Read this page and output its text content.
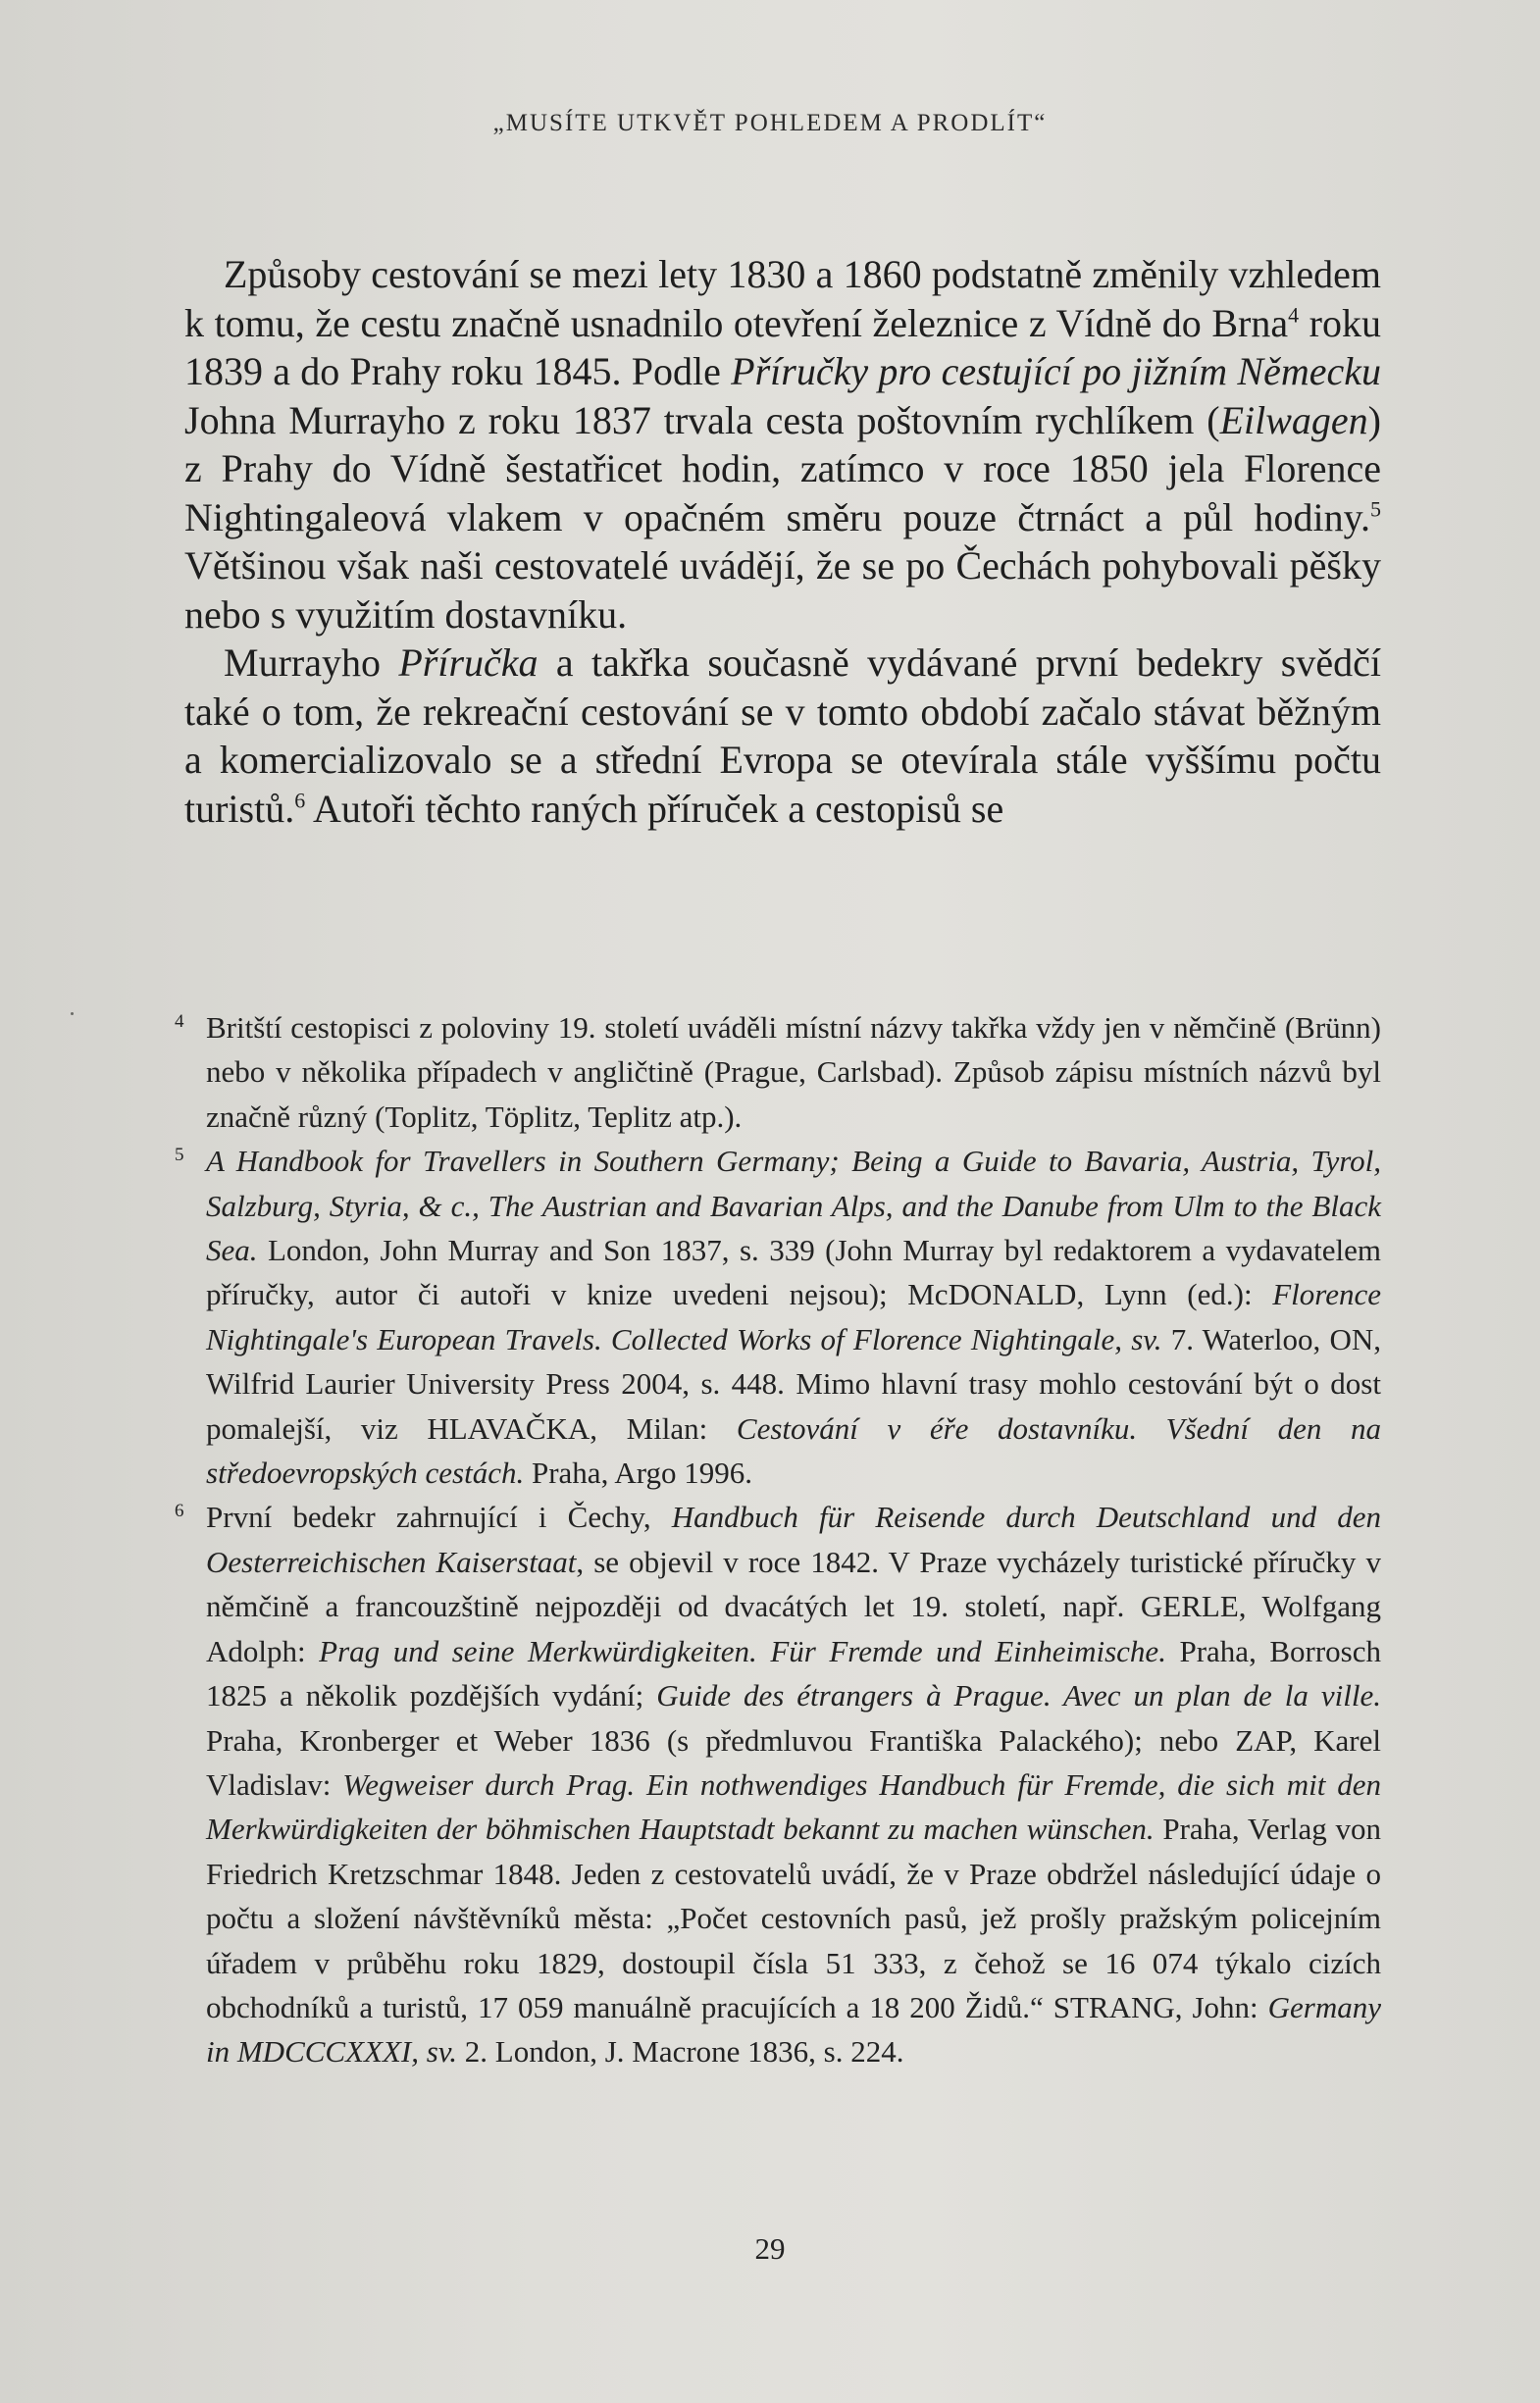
„MUSÍTE UTKVĚT POHLEDEM A PRODLÍT“

Způsoby cestování se mezi lety 1830 a 1860 podstatně změnily vzhledem k tomu, že cestu značně usnadnilo otevření železnice z Vídně do Brna$^4$ roku 1839 a do Prahy roku 1845. Podle Příručky pro cestující po jižním Německu Johna Murrayho z roku 1837 trvala cesta poštovním rychlíkem (Eilwagen) z Prahy do Vídně šestatřicet hodin, zatímco v roce 1850 jela Florence Nightingaleová vlakem v opačném směru pouze čtrnáct a půl hodiny.$^5$ Většinou však naši cestovatelé uvádějí, že se po Čechách pohybovali pěšky nebo s využitím dostavníku.

Murrayho Příručka a takřka současně vydávané první bedekry svědčí také o tom, že rekreační cestování se v tomto období začalo stávat běžným a komercializovalo se a střední Evropa se otevírala stále vyššímu počtu turistů.$^6$ Autoři těchto raných příruček a cestopisů se

4 Britští cestopisci z poloviny 19. století uváděli místní názvy takřka vždy jen v němčině (Brünn) nebo v několika případech v angličtině (Prague, Carlsbad). Způsob zápisu místních názvů byl značně různý (Toplitz, Töplitz, Teplitz atp.).
5 A Handbook for Travellers in Southern Germany; Being a Guide to Bavaria, Austria, Tyrol, Salzburg, Styria, & c., The Austrian and Bavarian Alps, and the Danube from Ulm to the Black Sea. London, John Murray and Son 1837, s. 339 (John Murray byl redaktorem a vydavatelem příručky, autor či autoři v knize uvedeni nejsou); McDONALD, Lynn (ed.): Florence Nightingale's European Travels. Collected Works of Florence Nightingale, sv. 7. Waterloo, ON, Wilfrid Laurier University Press 2004, s. 448. Mimo hlavní trasy mohlo cestování být o dost pomalejší, viz HLAVAČKA, Milan: Cestování v éře dostavníku. Všední den na středoevropských cestách. Praha, Argo 1996.
6 První bedekr zahrnující i Čechy, Handbuch für Reisende durch Deutschland und den Oesterreichischen Kaiserstaat, se objevil v roce 1842. V Praze vycházely turistické příručky v němčině a francouzštině nejpozději od dvacátých let 19. století, např. GERLE, Wolfgang Adolph: Prag und seine Merkwürdigkeiten. Für Fremde und Einheimische. Praha, Borrosch 1825 a několik pozdějších vydání; Guide des étrangers à Prague. Avec un plan de la ville. Praha, Kronberger et Weber 1836 (s předmluvou Františka Palackého); nebo ZAP, Karel Vladislav: Wegweiser durch Prag. Ein nothwendiges Handbuch für Fremde, die sich mit den Merkwürdigkeiten der böhmischen Hauptstadt bekannt zu machen wünschen. Praha, Verlag von Friedrich Kretzschmar 1848. Jeden z cestovatelů uvádí, že v Praze obdržel následující údaje o počtu a složení návštěvníků města: „Počet cestovních pasů, jež prošly pražským policejním úřadem v průběhu roku 1829, dostoupil čísla 51 333, z čehož se 16 074 týkalo cizích obchodníků a turistů, 17 059 manuálně pracujících a 18 200 Židů.“ STRANG, John: Germany in MDCCCXXXI, sv. 2. London, J. Macrone 1836, s. 224.
29
